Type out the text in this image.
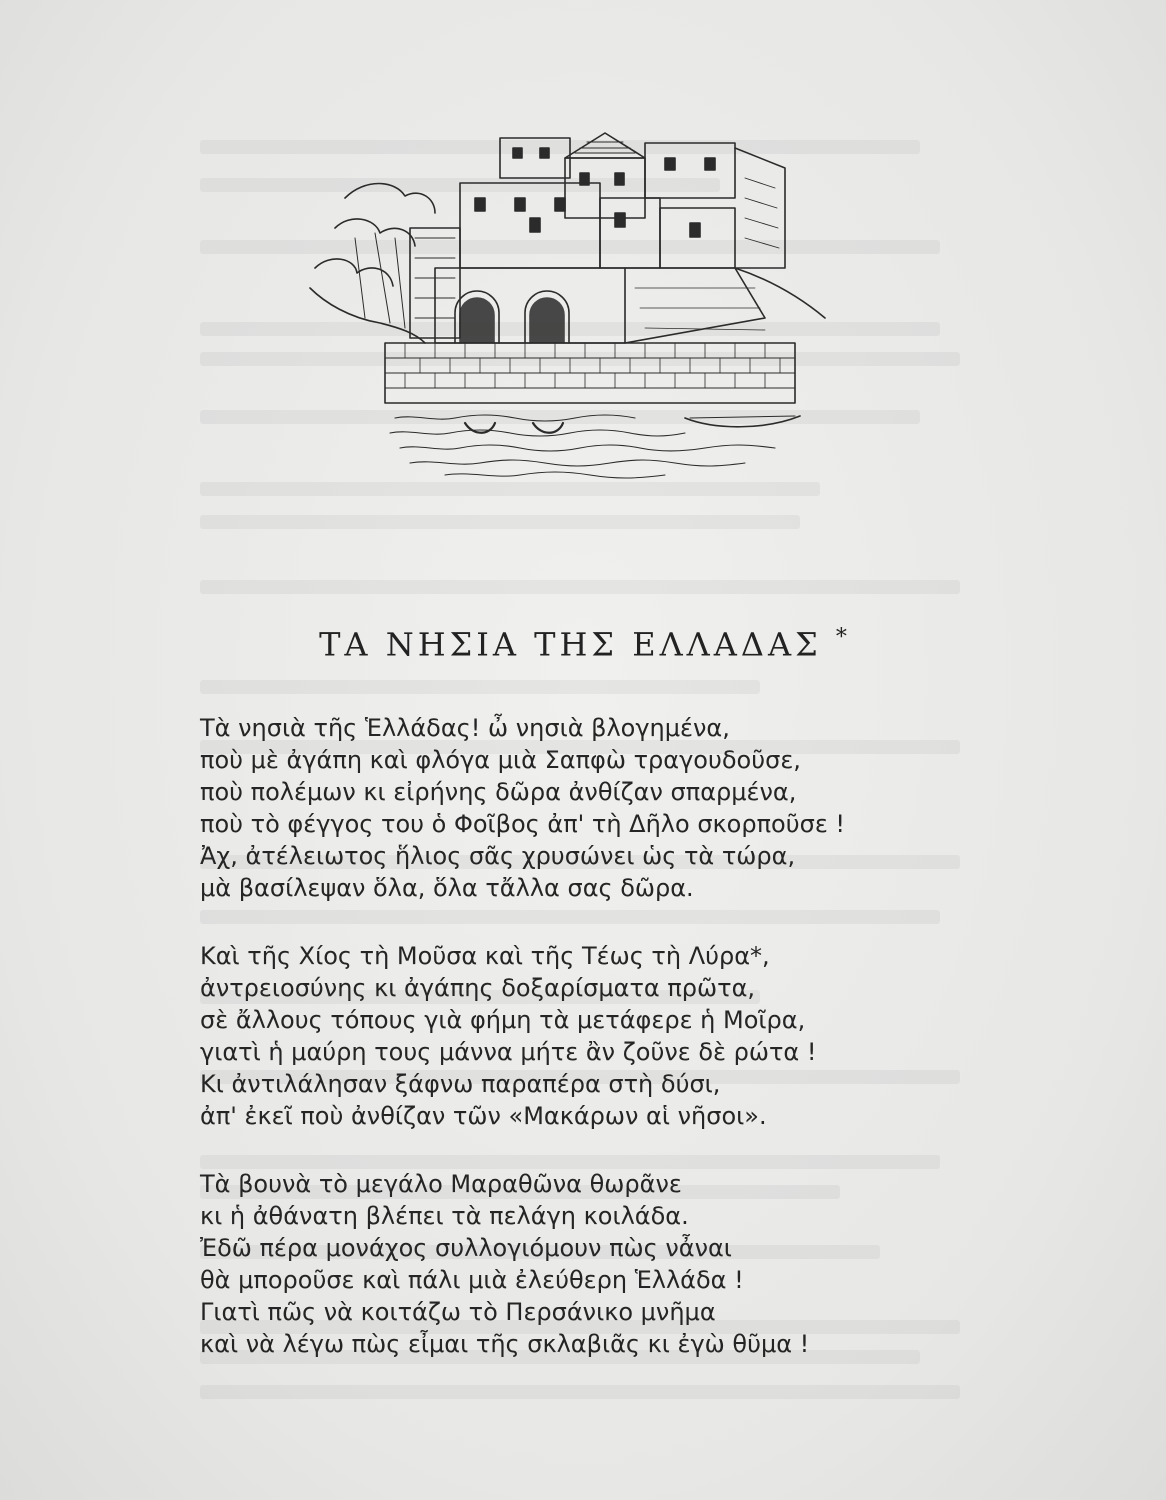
ΤΑ ΝΗΣΙΑ ΤΗΣ ΕΛΛΑΔΑΣ *
Τὰ νησιὰ τῆς Ἑλλάδας! ὦ νησιὰ βλογημένα,
ποὺ μὲ ἀγάπη καὶ φλόγα μιὰ Σαπφὼ τραγουδοῦσε,
ποὺ πολέμων κι εἰρήνης δῶρα ἀνθίζαν σπαρμένα,
ποὺ τὸ φέγγος του ὁ Φοῖβος ἀπ' τὴ Δῆλο σκορποῦσε !
Ἀχ, ἀτέλειωτος ἥλιος σᾶς χρυσώνει ὡς τὰ τώρα,
μὰ βασίλεψαν ὅλα, ὅλα τἄλλα σας δῶρα.
Καὶ τῆς Χίος τὴ Μοῦσα καὶ τῆς Τέως τὴ Λύρα*,
ἀντρειοσύνης κι ἀγάπης δοξαρίσματα πρῶτα,
σὲ ἄλλους τόπους γιὰ φήμη τὰ μετάφερε ἡ Μοῖρα,
γιατὶ ἡ μαύρη τους μάννα μήτε ἂν ζοῦνε δὲ ρώτα !
Κι ἀντιλάλησαν ξάφνω παραπέρα στὴ δύσι,
ἀπ' ἐκεῖ ποὺ ἀνθίζαν τῶν «Μακάρων αἱ νῆσοι».
Τὰ βουνὰ τὸ μεγάλο Μαραθῶνα θωρᾶνε
κι ἡ ἀθάνατη βλέπει τὰ πελάγη κοιλάδα.
Ἐδῶ πέρα μονάχος συλλογιόμουν πὼς νἆναι
θὰ μποροῦσε καὶ πάλι μιὰ ἐλεύθερη Ἑλλάδα !
Γιατὶ πῶς νὰ κοιτάζω τὸ Περσάνικο μνῆμα
καὶ νὰ λέγω πὼς εἶμαι τῆς σκλαβιᾶς κι ἐγὼ θῦμα !
